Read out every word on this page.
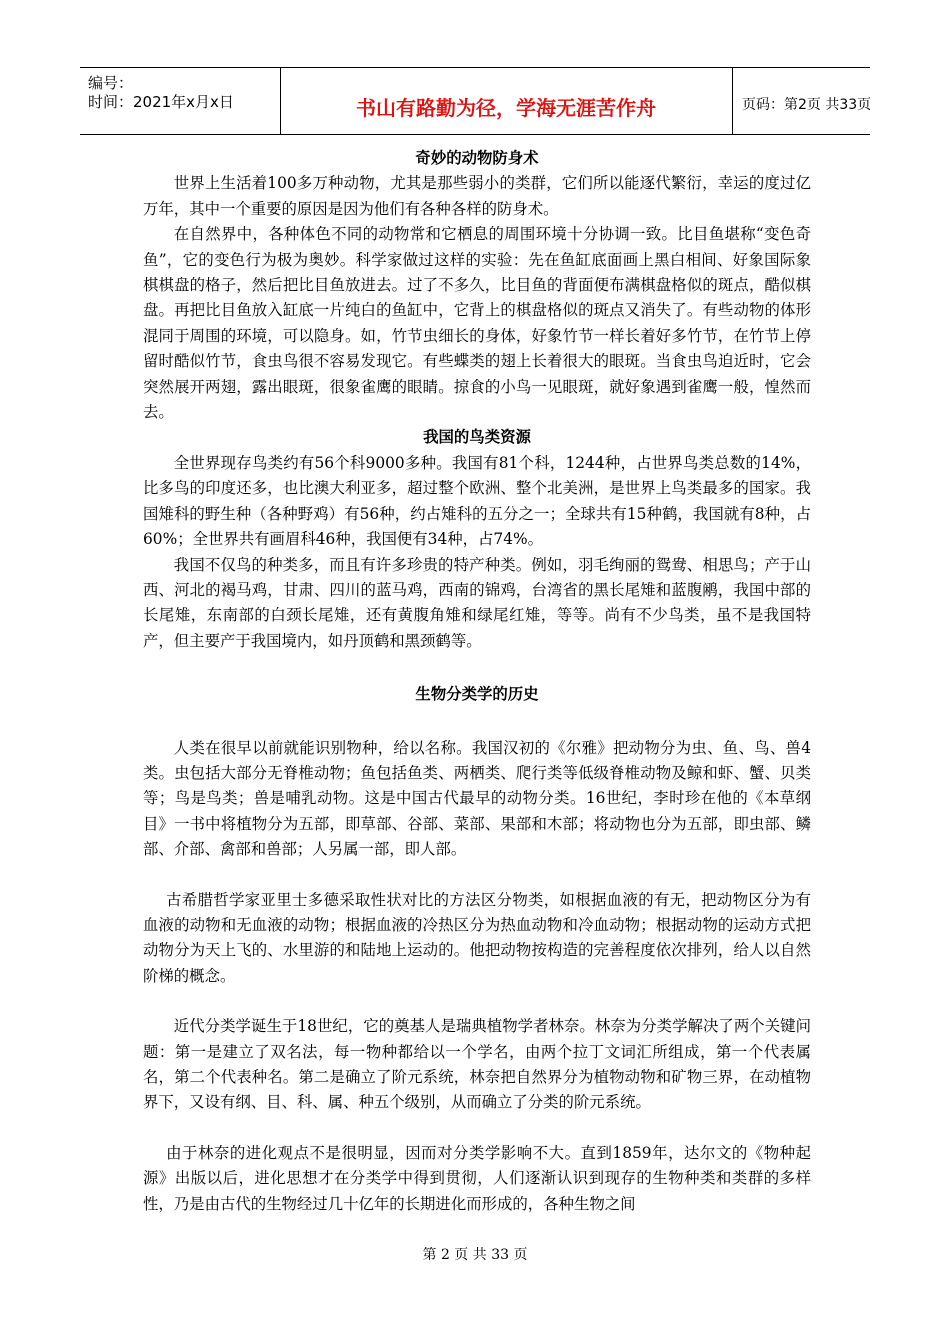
编号：
时间：2021年x月x日	书山有路勤为径，学海无涯苦作舟	页码：第2页 共33页
奇妙的动物防身术

世界上生活着100多万种动物，尤其是那些弱小的类群，它们所以能逐代繁衍，幸运的度过亿万年，其中一个重要的原因是因为他们有各种各样的防身术。

在自然界中，各种体色不同的动物常和它栖息的周围环境十分协调一致。比目鱼堪称“变色奇鱼”，它的变色行为极为奥妙。科学家做过这样的实验：先在鱼缸底面画上黑白相间、好象国际象棋棋盘的格子，然后把比目鱼放进去。过了不多久，比目鱼的背面便布满棋盘格似的斑点，酷似棋盘。再把比目鱼放入缸底一片纯白的鱼缸中，它背上的棋盘格似的斑点又消失了。有些动物的体形混同于周围的环境，可以隐身。如，竹节虫细长的身体，好象竹节一样长着好多竹节，在竹节上停留时酷似竹节，食虫鸟很不容易发现它。有些蝶类的翅上长着很大的眼斑。当食虫鸟迫近时，它会突然展开两翅，露出眼斑，很象雀鹰的眼睛。掠食的小鸟一见眼斑，就好象遇到雀鹰一般，惶然而去。

我国的鸟类资源

全世界现存鸟类约有56个科9000多种。我国有81个科，1244种，占世界鸟类总数的14%，比多鸟的印度还多，也比澳大利亚多，超过整个欧洲、整个北美洲，是世界上鸟类最多的国家。我国雉科的野生种（各种野鸡）有56种，约占雉科的五分之一；全球共有15种鹤，我国就有8种，占60%；全世界共有画眉科46种，我国便有34种，占74%。

我国不仅鸟的种类多，而且有许多珍贵的特产种类。例如，羽毛绚丽的鸳鸯、相思鸟；产于山西、河北的褐马鸡，甘肃、四川的蓝马鸡，西南的锦鸡，台湾省的黑长尾雉和蓝腹鹇，我国中部的长尾雉，东南部的白颈长尾雉，还有黄腹角雉和绿尾红雉，等等。尚有不少鸟类，虽不是我国特产，但主要产于我国境内，如丹顶鹤和黑颈鹤等。

生物分类学的历史

人类在很早以前就能识别物种，给以名称。我国汉初的《尔雅》把动物分为虫、鱼、鸟、兽4类。虫包括大部分无脊椎动物；鱼包括鱼类、两栖类、爬行类等低级脊椎动物及鲸和虾、蟹、贝类等；鸟是鸟类；兽是哺乳动物。这是中国古代最早的动物分类。16世纪，李时珍在他的《本草纲目》一书中将植物分为五部，即草部、谷部、菜部、果部和木部；将动物也分为五部，即虫部、鳞部、介部、禽部和兽部；人另属一部，即人部。

古希腊哲学家亚里士多德采取性状对比的方法区分物类，如根据血液的有无，把动物区分为有血液的动物和无血液的动物；根据血液的冷热区分为热血动物和冷血动物；根据动物的运动方式把动物分为天上飞的、水里游的和陆地上运动的。他把动物按构造的完善程度依次排列，给人以自然阶梯的概念。

近代分类学诞生于18世纪，它的奠基人是瑞典植物学者林奈。林奈为分类学解决了两个关键问题：第一是建立了双名法，每一物种都给以一个学名，由两个拉丁文词汇所组成，第一个代表属名，第二个代表种名。第二是确立了阶元系统，林奈把自然界分为植物动物和矿物三界，在动植物界下，又设有纲、目、科、属、种五个级别，从而确立了分类的阶元系统。

由于林奈的进化观点不是很明显，因而对分类学影响不大。直到1859年，达尔文的《物种起源》出版以后，进化思想才在分类学中得到贯彻，人们逐渐认识到现存的生物种类和类群的多样性，乃是由古代的生物经过几十亿年的长期进化而形成的，各种生物之间

第 2 页 共 33 页
